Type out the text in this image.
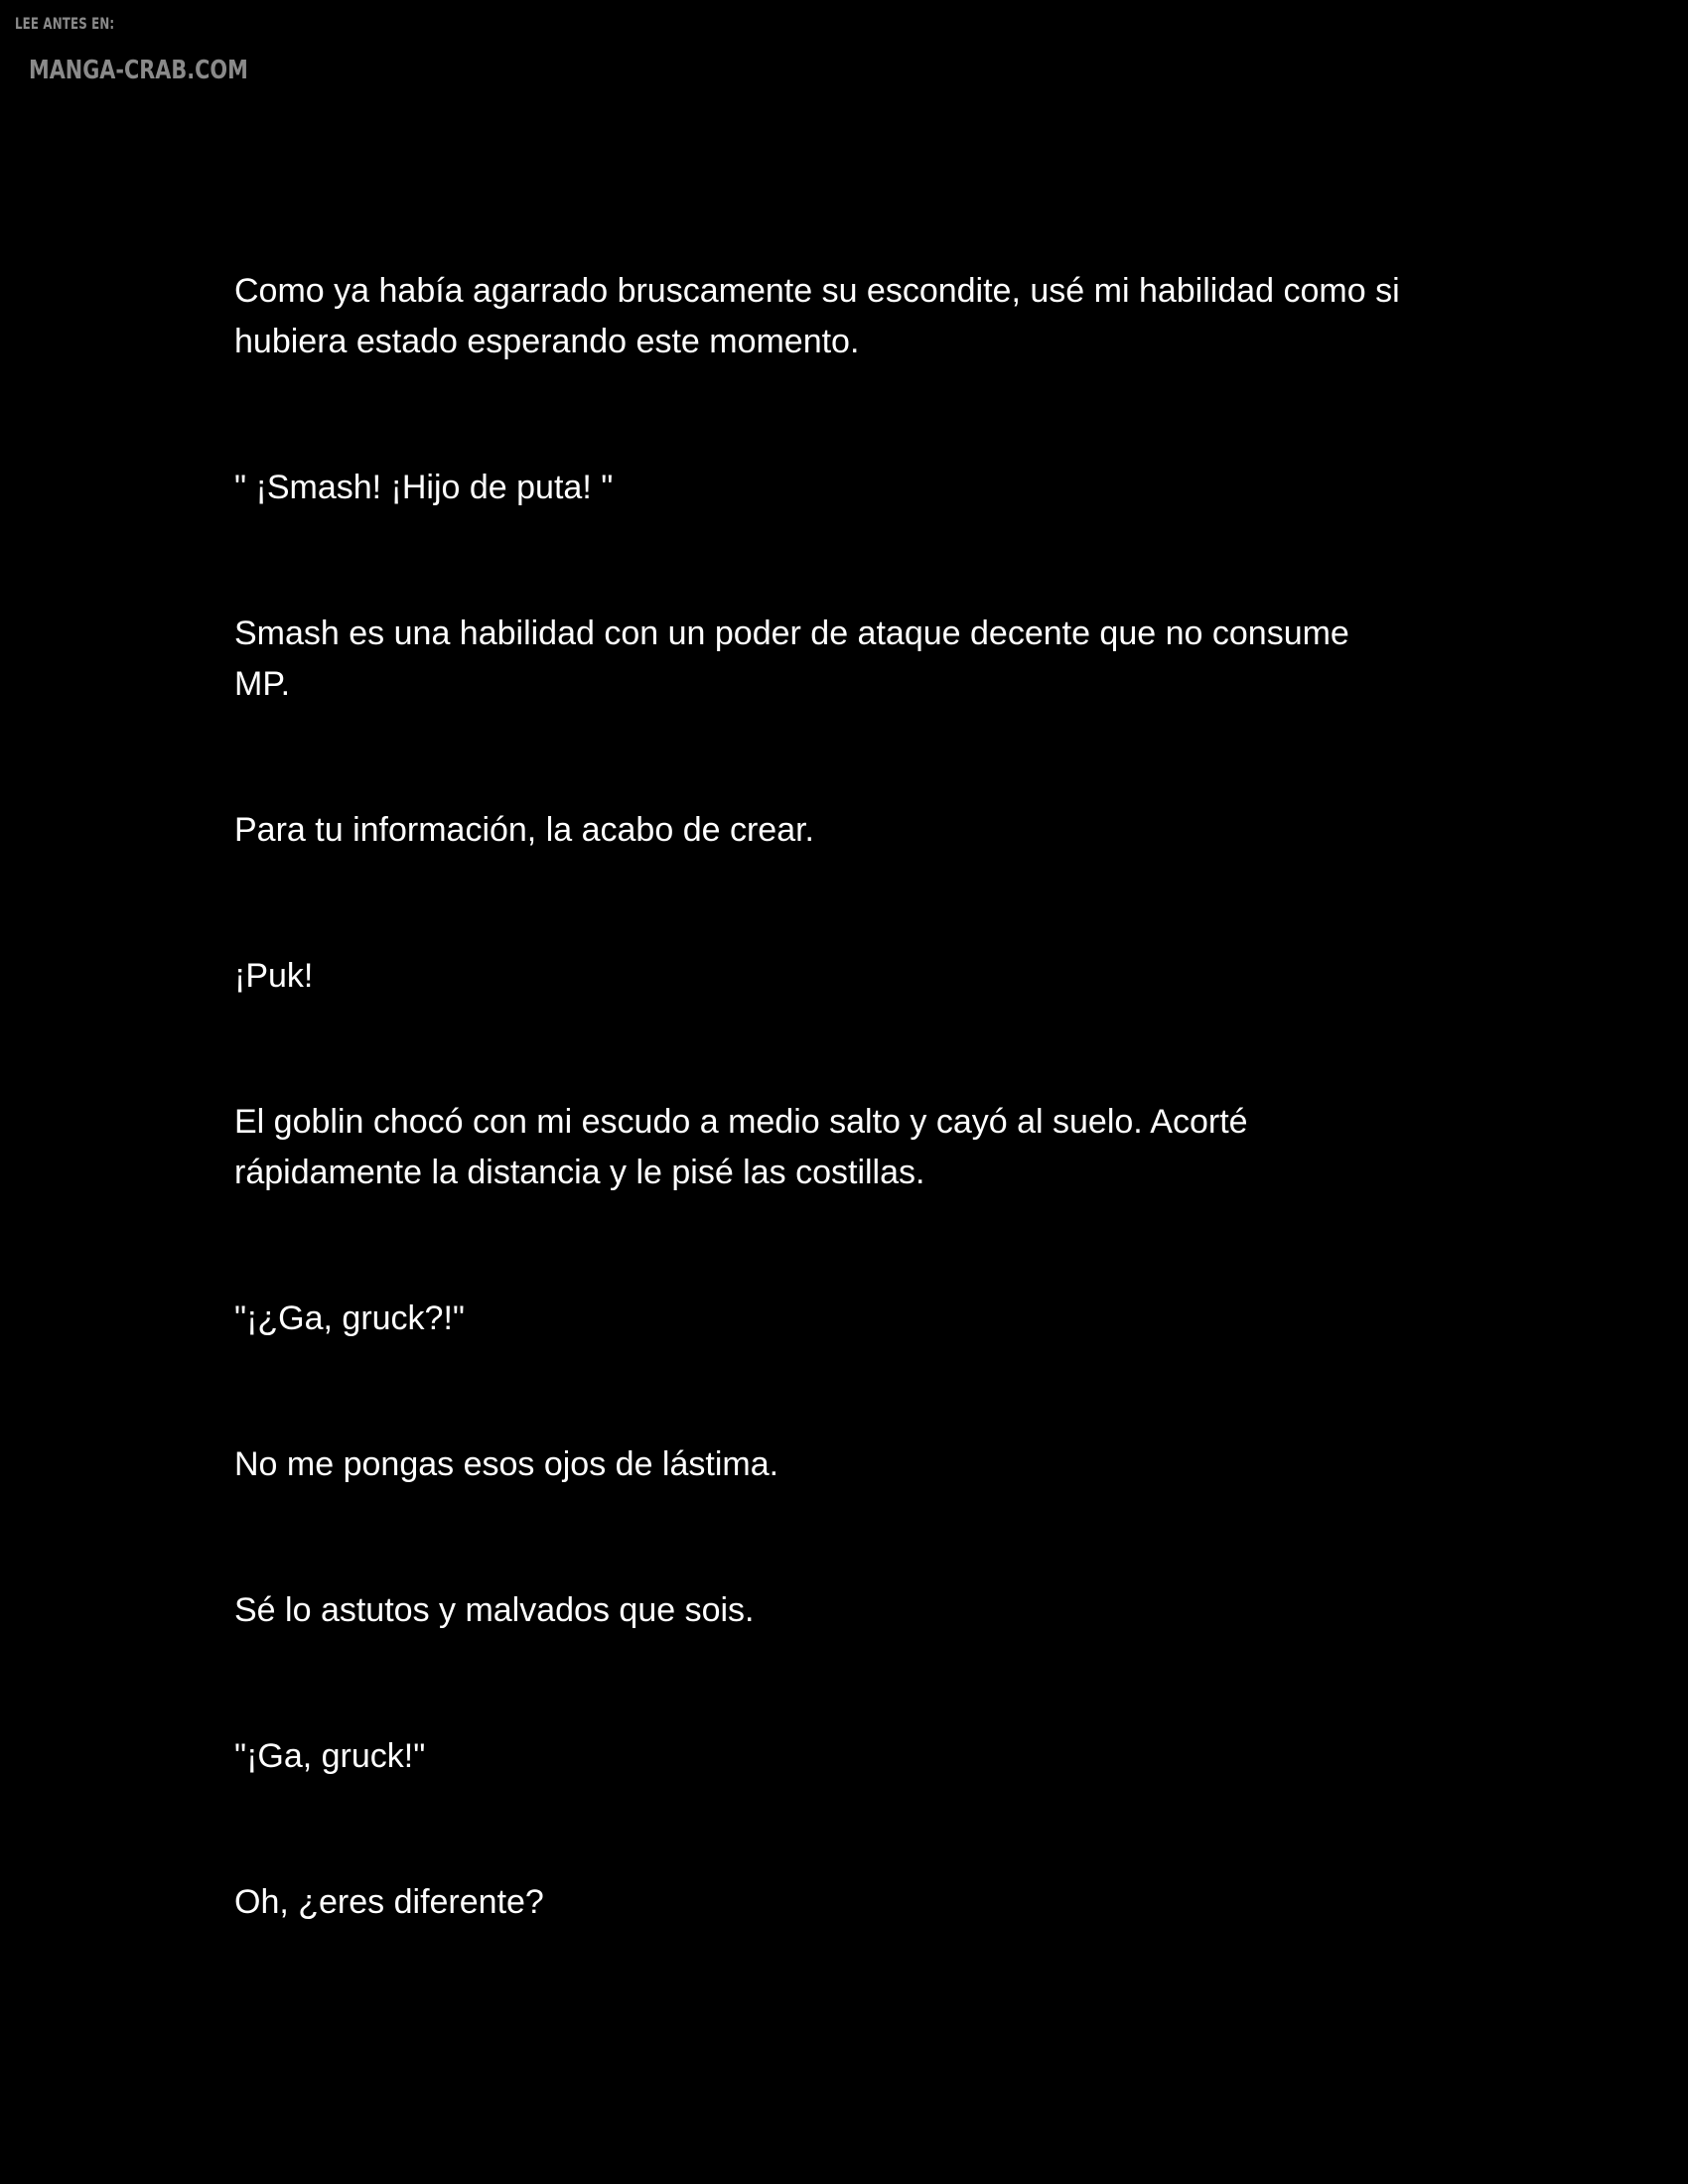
LEE ANTES EN:
MANGA-CRAB.COM

Como ya había agarrado bruscamente su escondite, usé mi habilidad como si
hubiera estado esperando este momento.

" ¡Smash! ¡Hijo de puta! "

Smash es una habilidad con un poder de ataque decente que no consume
MP.

Para tu información, la acabo de crear.

¡Puk!

El goblin chocó con mi escudo a medio salto y cayó al suelo. Acorté
rápidamente la distancia y le pisé las costillas.

"¡¿Ga, gruck?!"

No me pongas esos ojos de lástima.

Sé lo astutos y malvados que sois.

"¡Ga, gruck!"

Oh, ¿eres diferente?
